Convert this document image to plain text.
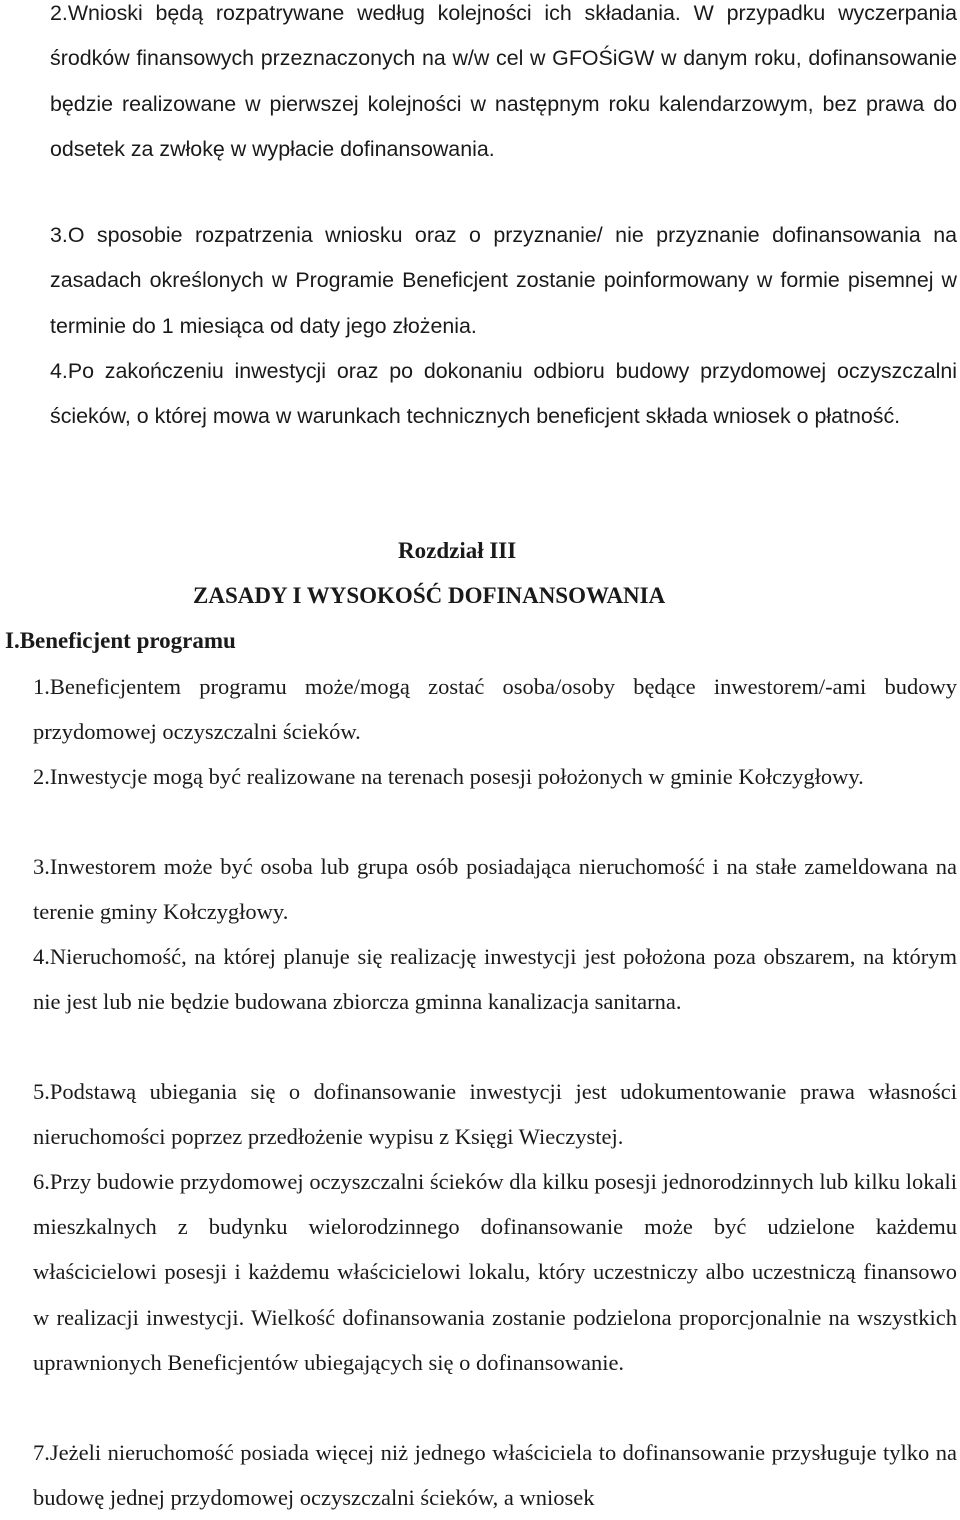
2.Wnioski będą rozpatrywane według kolejności ich składania. W przypadku wyczerpania środków finansowych przeznaczonych na w/w cel w GFOŚiGW w danym roku, dofinansowanie będzie realizowane w pierwszej kolejności w następnym roku kalendarzowym, bez prawa do odsetek za zwłokę w wypłacie dofinansowania.

3.O sposobie rozpatrzenia wniosku oraz o przyznanie/ nie przyznanie dofinansowania na zasadach określonych w Programie Beneficjent zostanie poinformowany w formie pisemnej w terminie do 1 miesiąca od daty jego złożenia.

4.Po zakończeniu inwestycji oraz po dokonaniu odbioru budowy przydomowej oczyszczalni ścieków, o której mowa w warunkach technicznych beneficjent składa wniosek o płatność.

Rozdział III
ZASADY I WYSOKOŚĆ DOFINANSOWANIA
I.Beneficjent programu

1.Beneficjentem programu może/mogą zostać osoba/osoby będące inwestorem/-ami budowy przydomowej oczyszczalni ścieków.

2.Inwestycje mogą być realizowane na terenach posesji położonych w gminie Kołczygłowy.

3.Inwestorem może być osoba lub grupa osób posiadająca nieruchomość i na stałe zameldowana na terenie gminy Kołczygłowy.

4.Nieruchomość, na której planuje się realizację inwestycji jest położona poza obszarem, na którym nie jest lub nie będzie budowana zbiorcza gminna kanalizacja sanitarna.

5.Podstawą ubiegania się o dofinansowanie inwestycji jest udokumentowanie prawa własności nieruchomości poprzez przedłożenie wypisu z Księgi Wieczystej.

6.Przy budowie przydomowej oczyszczalni ścieków dla kilku posesji jednorodzinnych lub kilku lokali mieszkalnych z budynku wielorodzinnego dofinansowanie może być udzielone każdemu właścicielowi posesji i każdemu właścicielowi lokalu, który uczestniczy albo uczestniczą finansowo w realizacji inwestycji. Wielkość dofinansowania zostanie podzielona proporcjonalnie na wszystkich uprawnionych Beneficjentów ubiegających się o dofinansowanie.

7.Jeżeli nieruchomość posiada więcej niż jednego właściciela to dofinansowanie przysługuje tylko na budowę jednej przydomowej oczyszczalni ścieków, a wniosek
